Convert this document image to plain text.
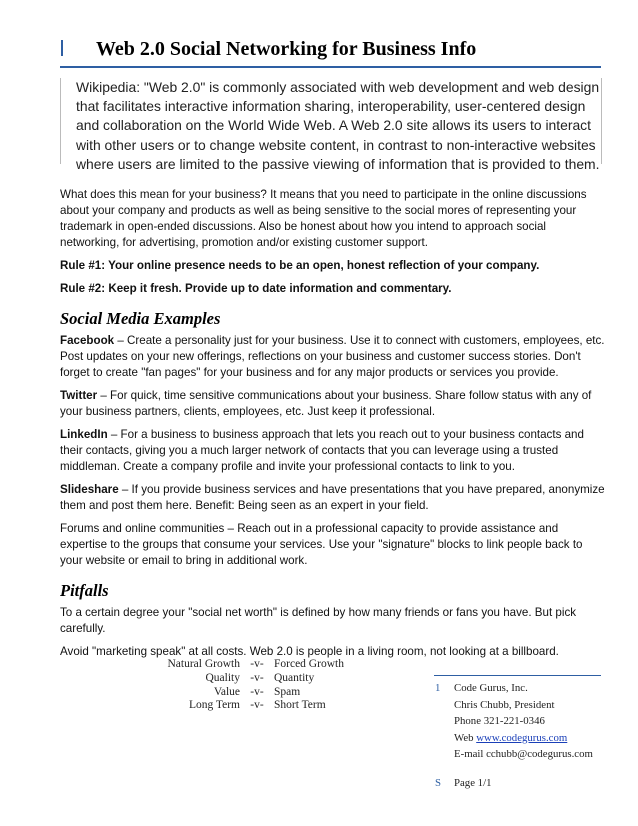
Web 2.0 Social Networking for Business Info

Wikipedia: "Web 2.0" is commonly associated with web development and web design that facilitates interactive information sharing, interoperability, user-centered design and collaboration on the World Wide Web. A Web 2.0 site allows its users to interact with other users or to change website content, in contrast to non-interactive websites where users are limited to the passive viewing of information that is provided to them.

What does this mean for your business? It means that you need to participate in the online discussions about your company and products as well as being sensitive to the social mores of representing your trademark in open-ended discussions. Also be honest about how you intend to approach social networking, for advertising, promotion and/or existing customer support.

Rule #1: Your online presence needs to be an open, honest reflection of your company.

Rule #2: Keep it fresh. Provide up to date information and commentary.

Social Media Examples

Facebook – Create a personality just for your business. Use it to connect with customers, employees, etc. Post updates on your new offerings, reflections on your business and customer success stories. Don't forget to create "fan pages" for your business and for any major products or services you provide.

Twitter – For quick, time sensitive communications about your business. Share follow status with any of your business partners, clients, employees, etc. Just keep it professional.

LinkedIn – For a business to business approach that lets you reach out to your business contacts and their contacts, giving you a much larger network of contacts that you can leverage using a trusted middleman. Create a company profile and invite your professional contacts to link to you.

Slideshare – If you provide business services and have presentations that you have prepared, anonymize them and post them here. Benefit: Being seen as an expert in your field.

Forums and online communities – Reach out in a professional capacity to provide assistance and expertise to the groups that consume your services. Use your "signature" blocks to link people back to your website or email to bring in additional work.

Pitfalls

To a certain degree your "social net worth" is defined by how many friends or fans you have. But pick carefully.

Avoid "marketing speak" at all costs. Web 2.0 is people in a living room, not looking at a billboard.

Natural Growth -v- Forced Growth
Quality -v- Quantity
Value -v- Spam
Long Term -v- Short Term
1 Code Gurus, Inc.
Chris Chubb, President
Phone 321-221-0346
Web www.codegurus.com
E-mail cchubb@codegurus.com
S Page 1/1
